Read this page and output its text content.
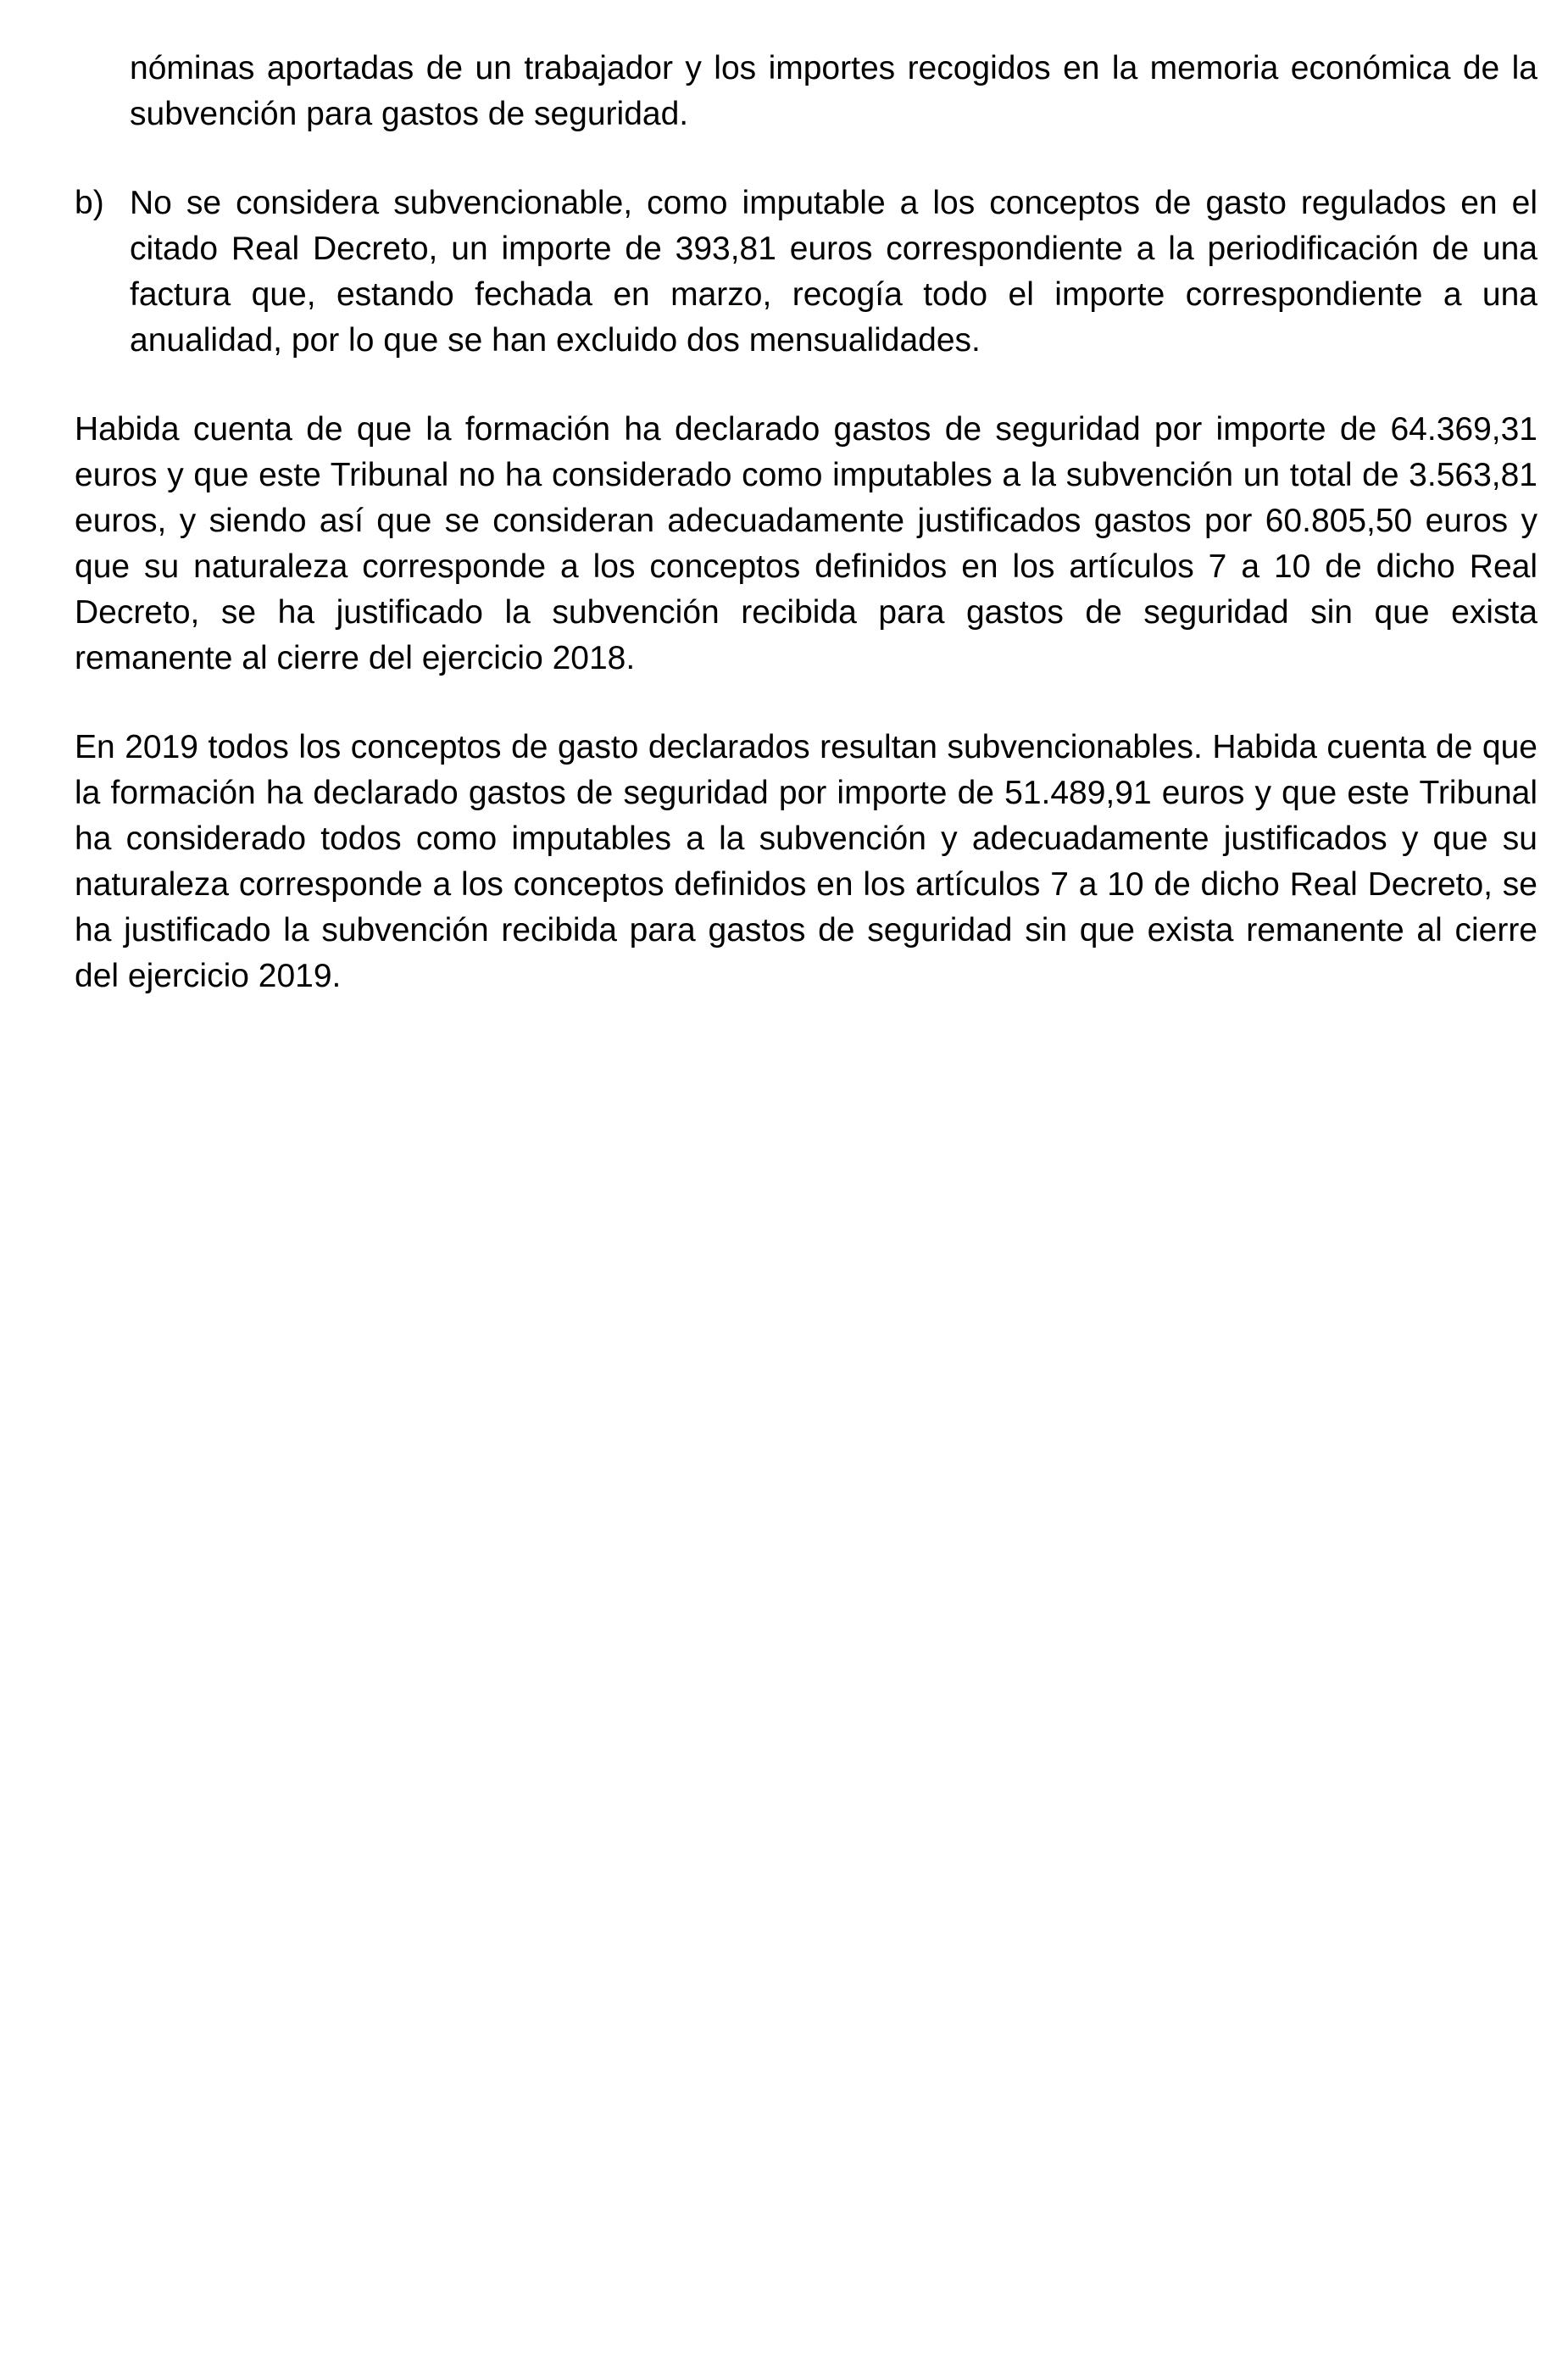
nóminas aportadas de un trabajador y los importes recogidos en la memoria económica de la subvención para gastos de seguridad.

b) No se considera subvencionable, como imputable a los conceptos de gasto regulados en el citado Real Decreto, un importe de 393,81 euros correspondiente a la periodificación de una factura que, estando fechada en marzo, recogía todo el importe correspondiente a una anualidad, por lo que se han excluido dos mensualidades.

Habida cuenta de que la formación ha declarado gastos de seguridad por importe de 64.369,31 euros y que este Tribunal no ha considerado como imputables a la subvención un total de 3.563,81 euros, y siendo así que se consideran adecuadamente justificados gastos por 60.805,50 euros y que su naturaleza corresponde a los conceptos definidos en los artículos 7 a 10 de dicho Real Decreto, se ha justificado la subvención recibida para gastos de seguridad sin que exista remanente al cierre del ejercicio 2018.

En 2019 todos los conceptos de gasto declarados resultan subvencionables. Habida cuenta de que la formación ha declarado gastos de seguridad por importe de 51.489,91 euros y que este Tribunal ha considerado todos como imputables a la subvención y adecuadamente justificados y que su naturaleza corresponde a los conceptos definidos en los artículos 7 a 10 de dicho Real Decreto, se ha justificado la subvención recibida para gastos de seguridad sin que exista remanente al cierre del ejercicio 2019.
